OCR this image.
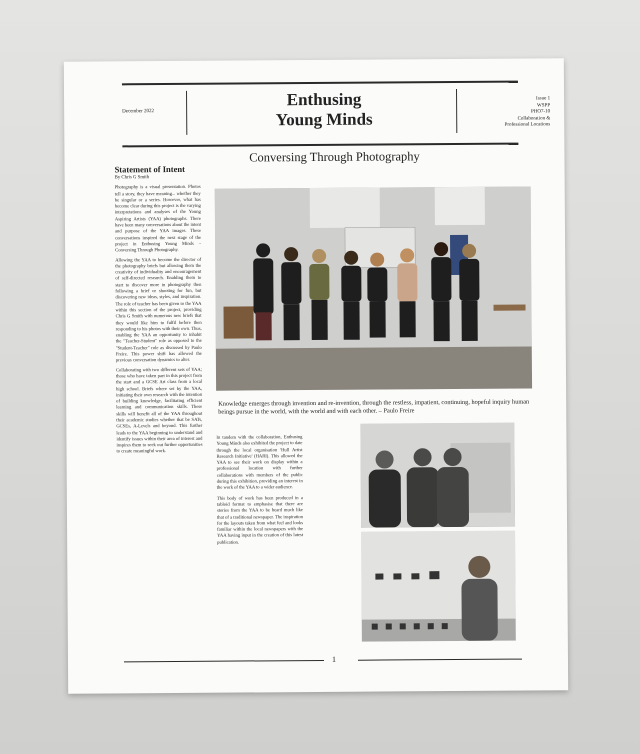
December 2022
Enthusing
Young Minds
Issue 1
WSPP
PHO7-10
Collaboration &
Professional Locations
Conversing Through Photography
Statement of Intent
By Chris G Smith

Photography is a visual presentation. Photos tell a story, they have meaning... whether they be singular or a series. However, what has become clear during this project is the varying interpretations and analyses of the Young Aspiring Artists (YAA) photographs. There have been many conversations about the intent and purpose of the YAA images. These conversations inspired the next stage of the project in Enthusing Young Minds – Conversing Through Photography.

Allowing the YAA to become the director of the photography briefs but allowing them the creativity of individuality and encouragement of self-directed research. Enabling them to start to discover more in photography then following a brief or shooting for fun, but discovering new ideas, styles, and inspiration. The role of teacher has been given to the YAA within this section of the project, providing Chris G Smith with numerous new briefs that they would like him to fulfil before then responding to his photos with their own. Thus, enabling the YAA an opportunity to inhabit the "Teacher-Student" role as opposed to the "Student-Teacher" role as discussed by Paulo Freire. This power shift has allowed the previous conversation dynamics to alter.

Collaborating with two different sets of YAA; those who have taken part in this project from the start and a GCSE Art class from a local high school. Briefs where set by the YAA, initiating their own research with the intention of building knowledge, facilitating efficient learning and communication skills. These skills will benefit all of the YAA throughout their academic studies whether that be SATs, GCSEs, A-Levels and beyond. This further leads to the YAA beginning to understand and identify issues within their area of interest and inspires them to seek out further opportunities to create meaningful work.

Knowledge emerges through invention and re-invention, through the restless, impatient, continuing, hopeful inquiry human beings pursue in the world, with the world and with each other. – Paulo Freire

In tandem with the collaboration, Enthusing Young Minds also exhibited the project to date through the local organisation 'Hull Artist Research Initiative' (HARI). This allowed the YAA to see their work on display within a professional location with further collaborations with members of the public during this exhibition, providing an interest in the work of the YAA to a wider audience.

This body of work has been produced in a tabloid format to emphasise that there are stories from the YAA to be heard much like that of a traditional newspaper. The inspiration for the layouts taken from what feel and looks familiar within the local newspapers with the YAA having input in the creation of this latest publication.

1
